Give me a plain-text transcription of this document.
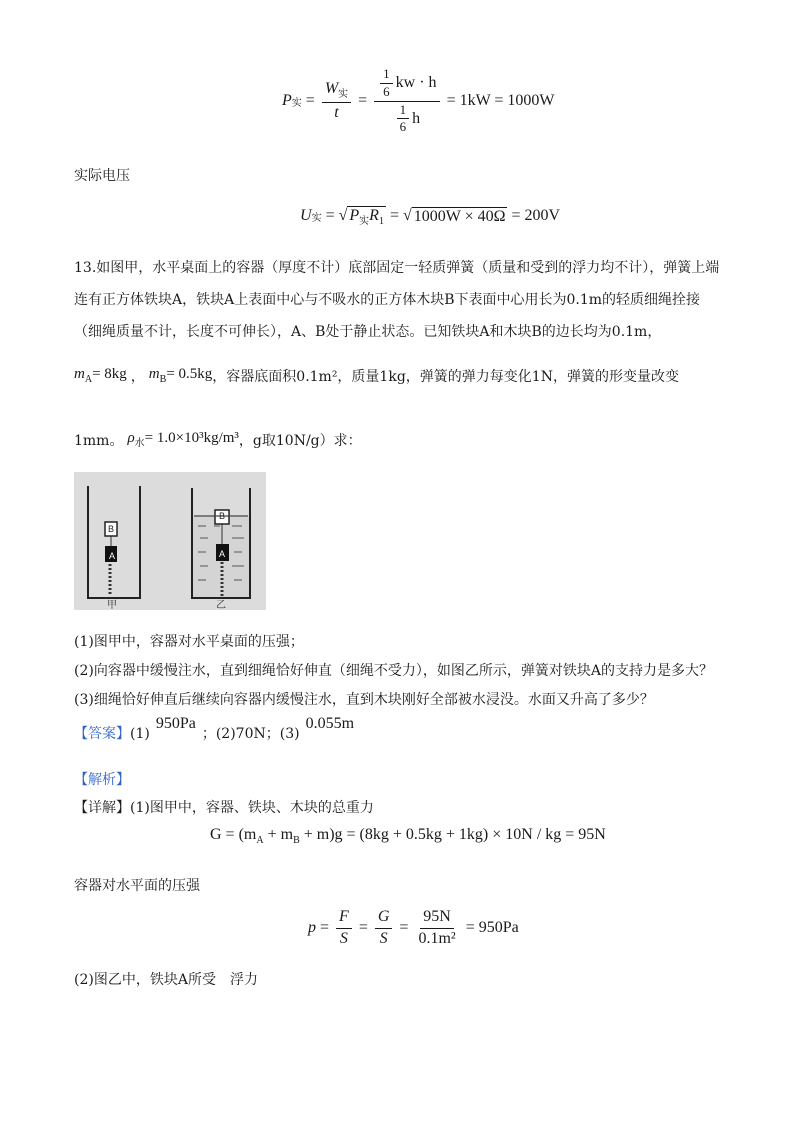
P 实 = $\frac{W_实}{t} = \frac{\frac{1}{6} kw \cdot h}{\frac{1}{6} h} = 1kW = 1000W$
实际电压
U 实 = √ $P_实R_1$ = √ 1000W × 40Ω = 200V
13.如图甲，水平桌面上的容器（厚度不计）底部固定一轻质弹簧（质量和受到的浮力均不计），弹簧上端
连有正方体铁块A，铁块A上表面中心与不吸水的正方体木块B下表面中心用长为0.1m的轻质细绳拴接
（细绳质量不计，长度不可伸长），A、B处于静止状态。已知铁块A和木块B的边长均为0.1m，
$m_A= 8kg$ ， $m_B= 0.5kg$ ，容器底面积0.1m²，质量1kg，弹簧的弹力每变化1N，弹簧的形变量改变
1mm。 $\rho_水= 1.0\times 10^3kg/m^3$ ，g取10N/g）求：
A
B
A
B
甲	乙
(1)图甲中，容器对水平桌面的压强；
(2)向容器中缓慢注水，直到细绳恰好伸直（细绳不受力），如图乙所示，弹簧对铁块A的支持力是多大？
(3)细绳恰好伸直后继续向容器内缓慢注水，直到木块刚好全部被水浸没。水面又升高了多少？
【答案】 (1)
950Pa
；(2)70N；(3)
0.055m
【解析】
【详解】(1)图甲中，容器、铁块、木块的总重力
$G = (m_A + m_B + m)g = (8kg + 0.5kg + 1kg) \times 10N$ / kg = 95N
容器对水平面的压强
$p = \frac{F}{S} = \frac{G}{S} = \frac{95N}{\text{0.1m²}} = 950Pa$
(2)图乙中，铁块A所受　浮力
